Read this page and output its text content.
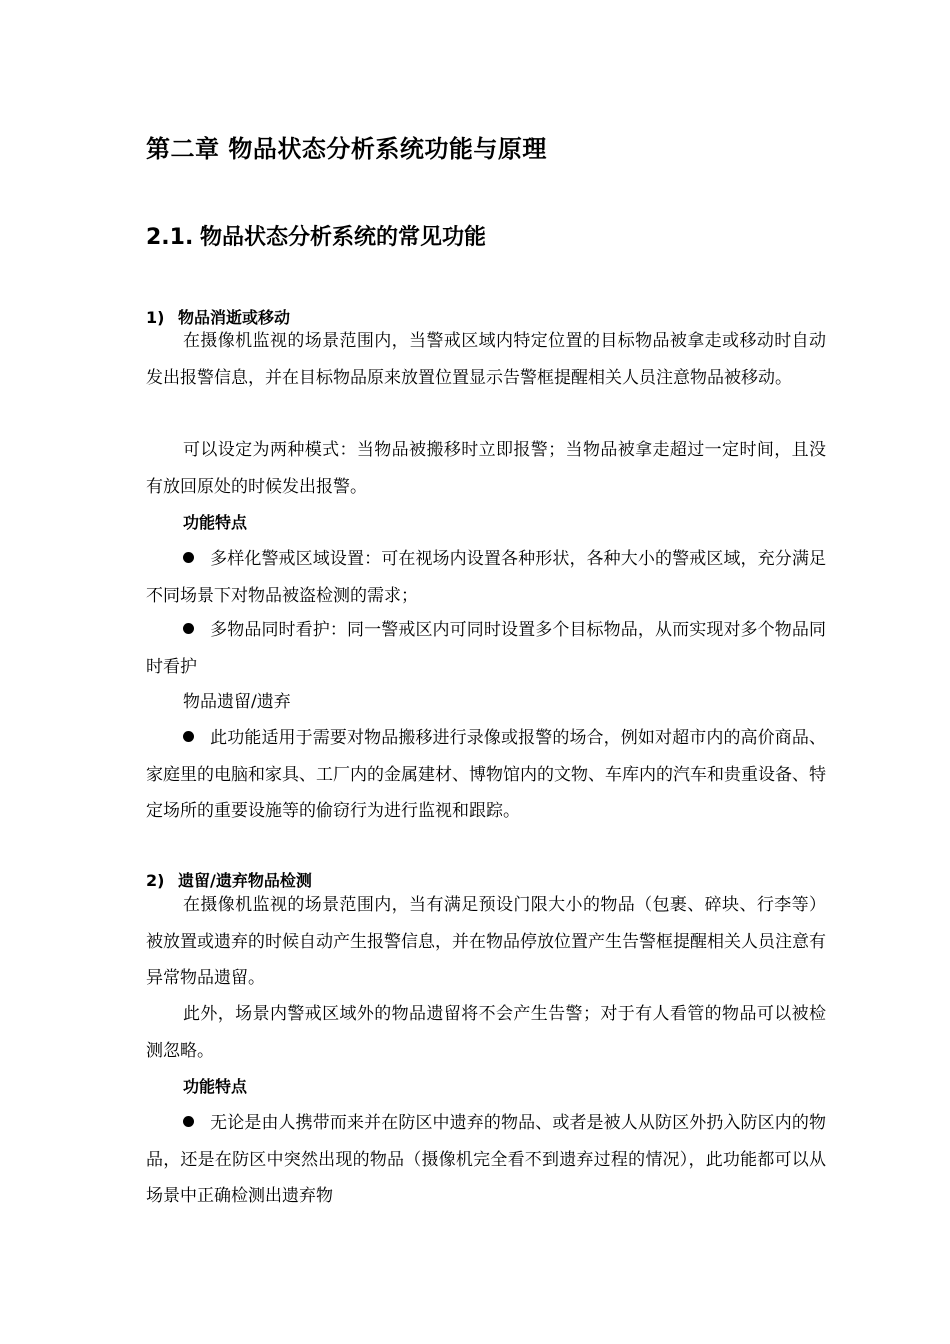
第二章 物品状态分析系统功能与原理
2.1. 物品状态分析系统的常见功能
1) 物品消逝或移动
在摄像机监视的场景范围内，当警戒区域内特定位置的目标物品被拿走或移动时自动发出报警信息，并在目标物品原来放置位置显示告警框提醒相关人员注意物品被移动。
可以设定为两种模式：当物品被搬移时立即报警；当物品被拿走超过一定时间，且没有放回原处的时候发出报警。
功能特点
多样化警戒区域设置：可在视场内设置各种形状，各种大小的警戒区域，充分满足不同场景下对物品被盗检测的需求；
多物品同时看护：同一警戒区内可同时设置多个目标物品，从而实现对多个物品同时看护
物品遗留/遗弃
此功能适用于需要对物品搬移进行录像或报警的场合，例如对超市内的高价商品、家庭里的电脑和家具、工厂内的金属建材、博物馆内的文物、车库内的汽车和贵重设备、特定场所的重要设施等的偷窃行为进行监视和跟踪。
2) 遗留/遗弃物品检测
在摄像机监视的场景范围内，当有满足预设门限大小的物品（包裹、碎块、行李等）被放置或遗弃的时候自动产生报警信息，并在物品停放位置产生告警框提醒相关人员注意有异常物品遗留。
此外，场景内警戒区域外的物品遗留将不会产生告警；对于有人看管的物品可以被检测忽略。
功能特点
无论是由人携带而来并在防区中遗弃的物品、或者是被人从防区外扔入防区内的物品，还是在防区中突然出现的物品（摄像机完全看不到遗弃过程的情况），此功能都可以从场景中正确检测出遗弃物
